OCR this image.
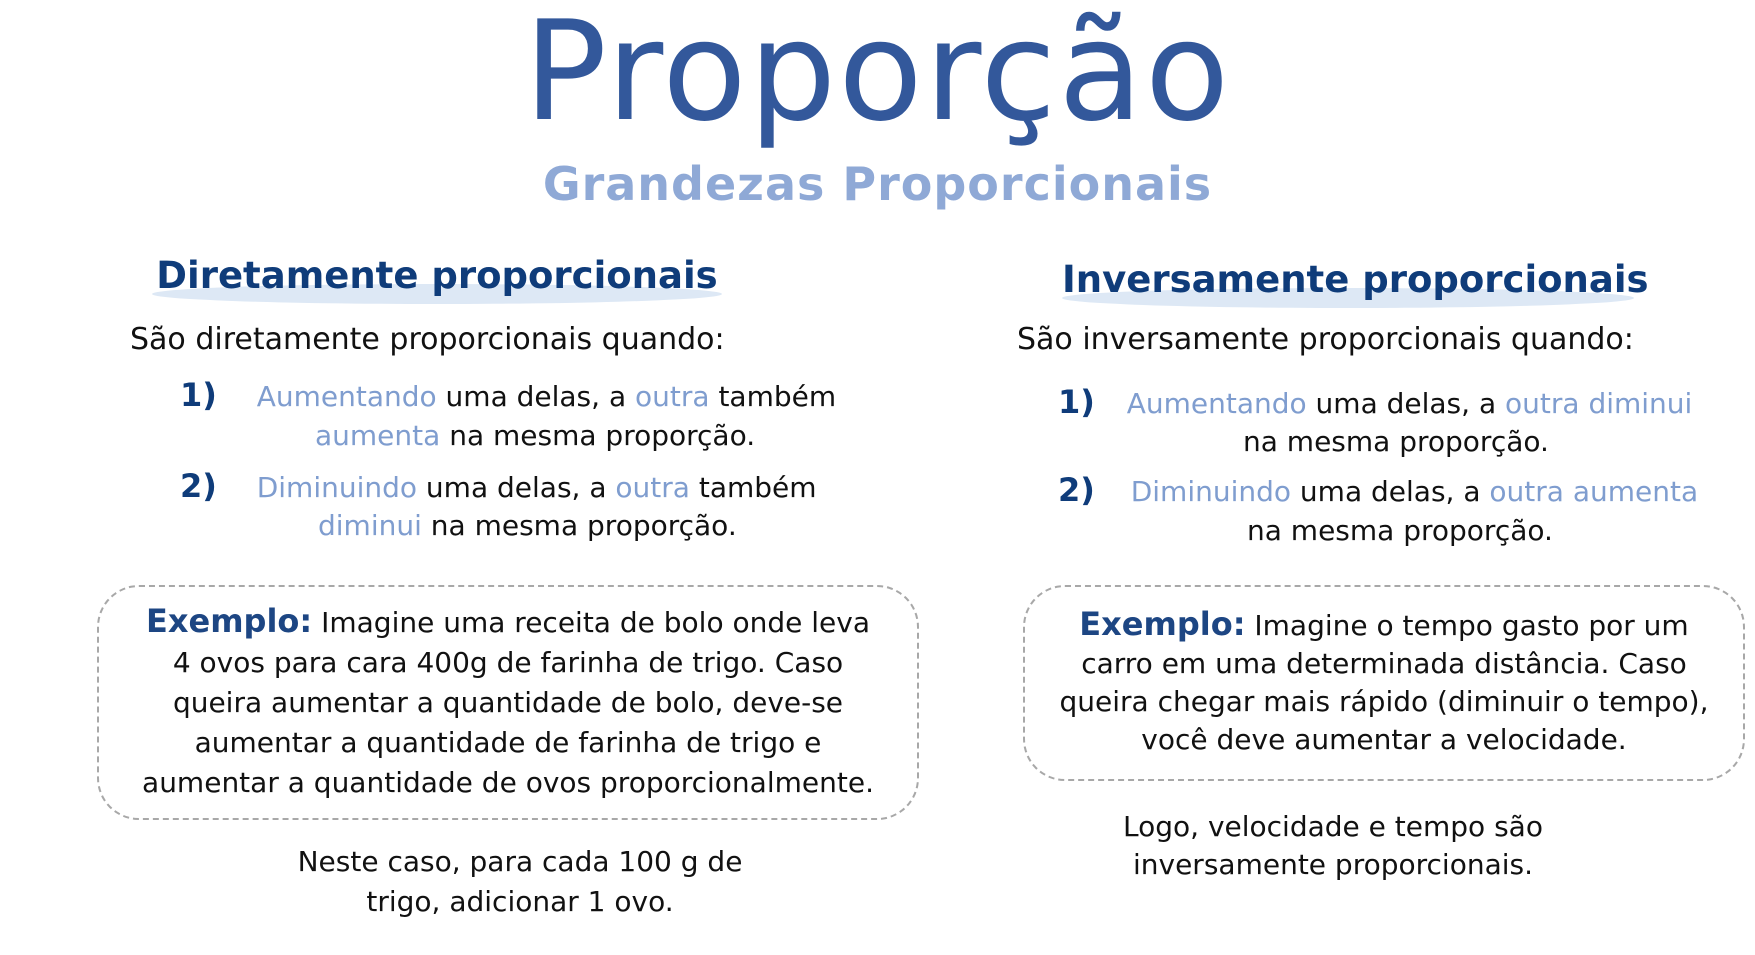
Proporção
Grandezas Proporcionais
Diretamente proporcionais
São diretamente proporcionais quando:
1) Aumentando uma delas, a outra também
aumenta na mesma proporção.
2) Diminuindo uma delas, a outra também
diminui na mesma proporção.
Exemplo: Imagine uma receita de bolo onde leva
4 ovos para cara 400g de farinha de trigo. Caso
queira aumentar a quantidade de bolo, deve-se
aumentar a quantidade de farinha de trigo e
aumentar a quantidade de ovos proporcionalmente.
Neste caso, para cada 100 g de
trigo, adicionar 1 ovo.
Inversamente proporcionais
São inversamente proporcionais quando:
1) Aumentando uma delas, a outra diminui
na mesma proporção.
2) Diminuindo uma delas, a outra aumenta
na mesma proporção.
Exemplo: Imagine o tempo gasto por um
carro em uma determinada distância. Caso
queira chegar mais rápido (diminuir o tempo),
você deve aumentar a velocidade.
Logo, velocidade e tempo são
inversamente proporcionais.
